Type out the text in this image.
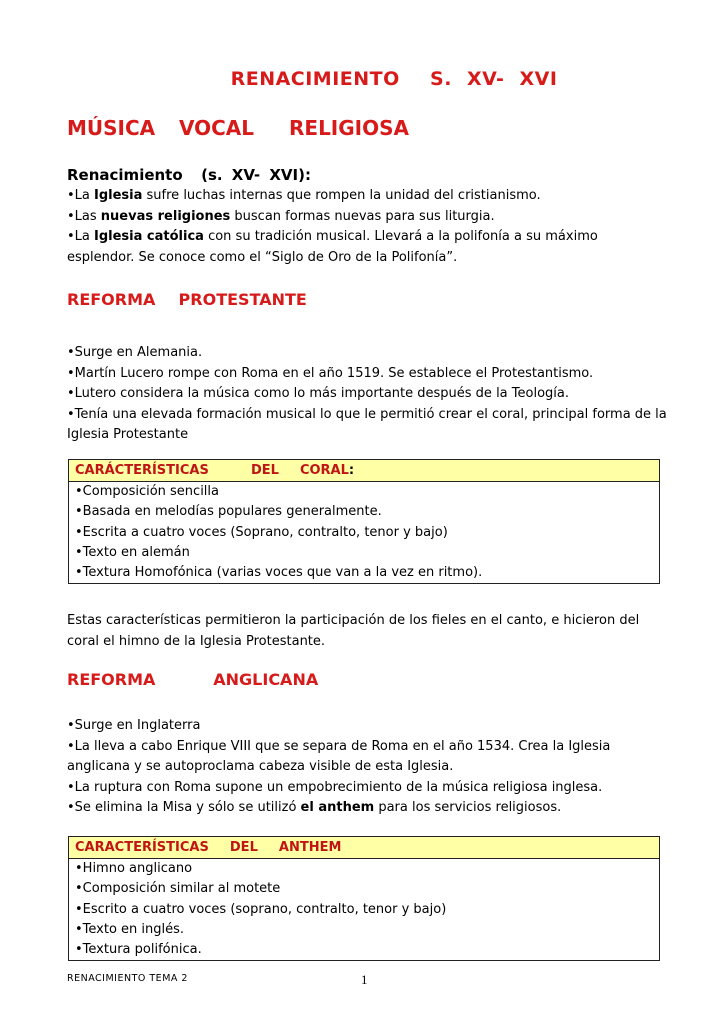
RENACIMIENTO  S. XV- XVI
MÚSICA VOCAL RELIGIOSA
Renacimiento  (s. XV- XVI):
•La Iglesia sufre luchas internas que rompen la unidad del cristianismo.
•Las nuevas religiones buscan formas nuevas para sus liturgia.
•La Iglesia católica con su tradición musical. Llevará a la polifonía a su máximo esplendor. Se conoce como el “Siglo de Oro de la Polifonía”.
REFORMA  PROTESTANTE
•Surge en Alemania.
•Martín Lucero rompe con Roma en el año 1519. Se establece el Protestantismo.
•Lutero considera la música como lo más importante después de la Teología.
•Tenía una elevada formación musical lo que le permitió crear el coral, principal forma de la Iglesia Protestante
CARÁCTERÍSTICAS    DEL  CORAL:
•Composición sencilla
•Basada en melodías populares generalmente.
•Escrita a cuatro voces (Soprano, contralto, tenor y bajo)
•Texto en alemán
•Textura Homofónica (varias voces que van a la vez en ritmo).
Estas características permitieron la participación de los fieles en el canto, e hicieron del coral el himno de la Iglesia Protestante.
REFORMA     ANGLICANA
•Surge en Inglaterra
•La lleva a cabo Enrique VIII que se separa de Roma en el año 1534. Crea la Iglesia anglicana y se autoproclama cabeza visible de esta Iglesia.
•La ruptura con Roma supone un empobrecimiento de la música religiosa inglesa.
•Se elimina la Misa y sólo se utilizó el anthem para los servicios religiosos.
CARACTERÍSTICAS  DEL  ANTHEM
•Himno anglicano
•Composición similar al motete
•Escrito a cuatro voces (soprano, contralto, tenor y bajo)
•Texto en inglés.
•Textura polifónica.
RENACIMIENTO TEMA 2	1
